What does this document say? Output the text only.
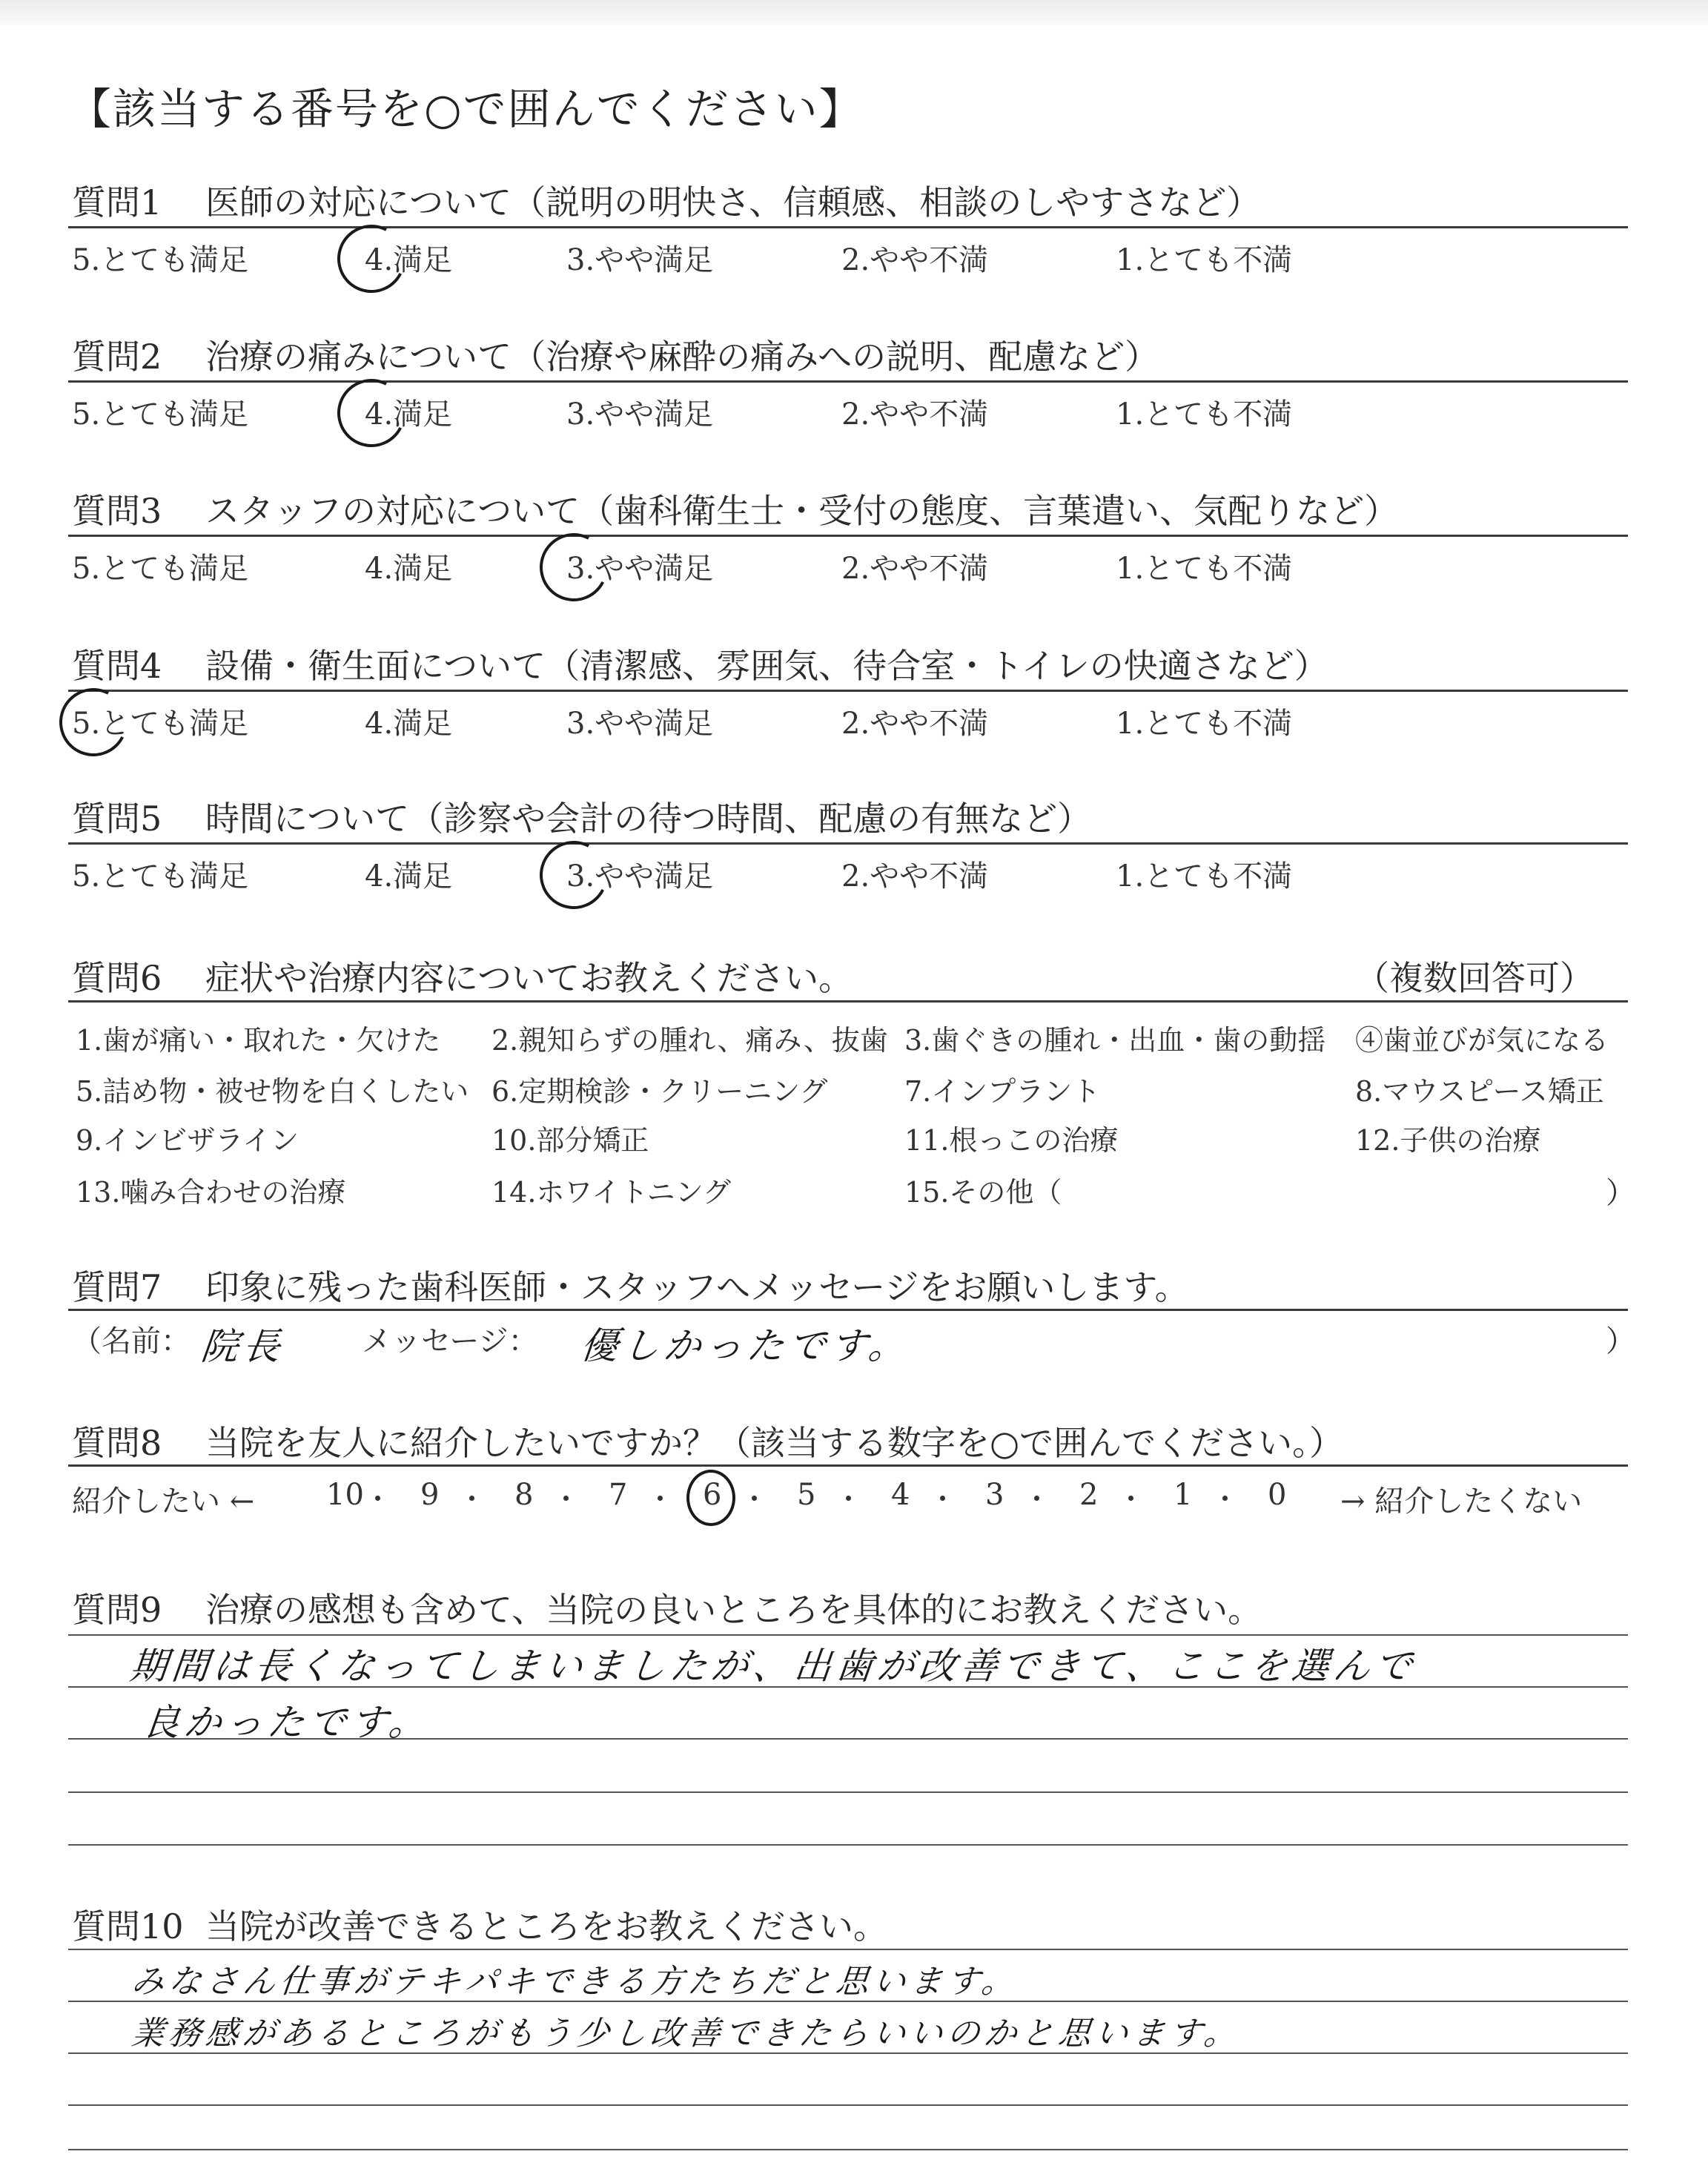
【該当する番号を○で囲んでください】
質問1 医師の対応について（説明の明快さ、信頼感、相談のしやすさなど）
5.とても満足	4.満足	3.やや満足	2.やや不満	1.とても不満
質問2 治療の痛みについて（治療や麻酔の痛みへの説明、配慮など）
5.とても満足	4.満足	3.やや満足	2.やや不満	1.とても不満
質問3 スタッフの対応について（歯科衛生士・受付の態度、言葉遣い、気配りなど）
5.とても満足	4.満足	3.やや満足	2.やや不満	1.とても不満
質問4 設備・衛生面について（清潔感、雰囲気、待合室・トイレの快適さなど）
5.とても満足	4.満足	3.やや満足	2.やや不満	1.とても不満
質問5 時間について（診察や会計の待つ時間、配慮の有無など）
5.とても満足	4.満足	3.やや満足	2.やや不満	1.とても不満
質問6 症状や治療内容についてお教えください。	（複数回答可）
1.歯が痛い・取れた・欠けた 2.親知らずの腫れ、痛み、抜歯 3.歯ぐきの腫れ・出血・歯の動揺 ④歯並びが気になる
5.詰め物・被せ物を白くしたい 6.定期検診・クリーニング	7.インプラント	8.マウスピース矯正
9.インビザライン	10.部分矯正	11.根っこの治療	12.子供の治療
13.噛み合わせの治療	14.ホワイトニング	15.その他（	）
質問7 印象に残った歯科医師・スタッフへメッセージをお願いします。
（名前： 院長	メッセージ： 優しかったです。	）
質問8 当院を友人に紹介したいですか？（該当する数字を○で囲んでください。）
紹介したい ← 10 9	8	7	6	5	4	3	2	1	0 → 紹介したくない
質問9 治療の感想も含めて、当院の良いところを具体的にお教えください。
期間は長くなってしまいましたが、出歯が改善できて、ここを選んで
良かったです。
質問10 当院が改善できるところをお教えください。
みなさん仕事がテキパキできる方たちだと思います。
業務感があるところがもう少し改善できたらいいのかと思います。
